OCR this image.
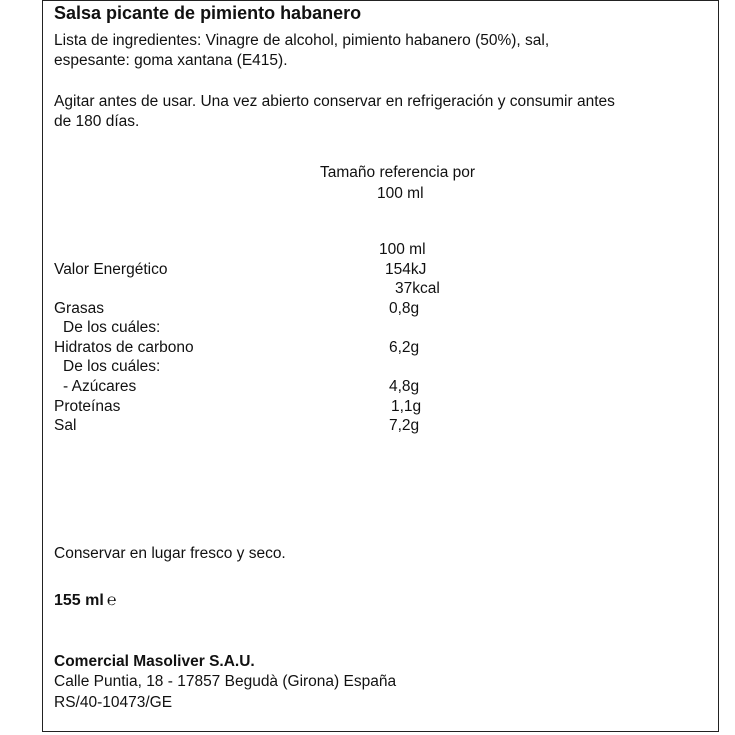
Salsa picante de pimiento habanero
Lista de ingredientes: Vinagre de alcohol, pimiento habanero (50%), sal,
espesante: goma xantana (E415).
Agitar antes de usar. Una vez abierto conservar en refrigeración y consumir antes
de 180 días.
Tamaño referencia por
100 ml
100 ml
Valor Energético	154kJ
37kcal
Grasas	0,8g
De los cuáles:
Hidratos de carbono	6,2g
De los cuáles:
- Azúcares	4,8g
Proteínas	1,1g
Sal	7,2g
Conservar en lugar fresco y seco.
155 ml ℮
Comercial Masoliver S.A.U.
Calle Puntia, 18 - 17857 Begudà (Girona) España
RS/40-10473/GE
